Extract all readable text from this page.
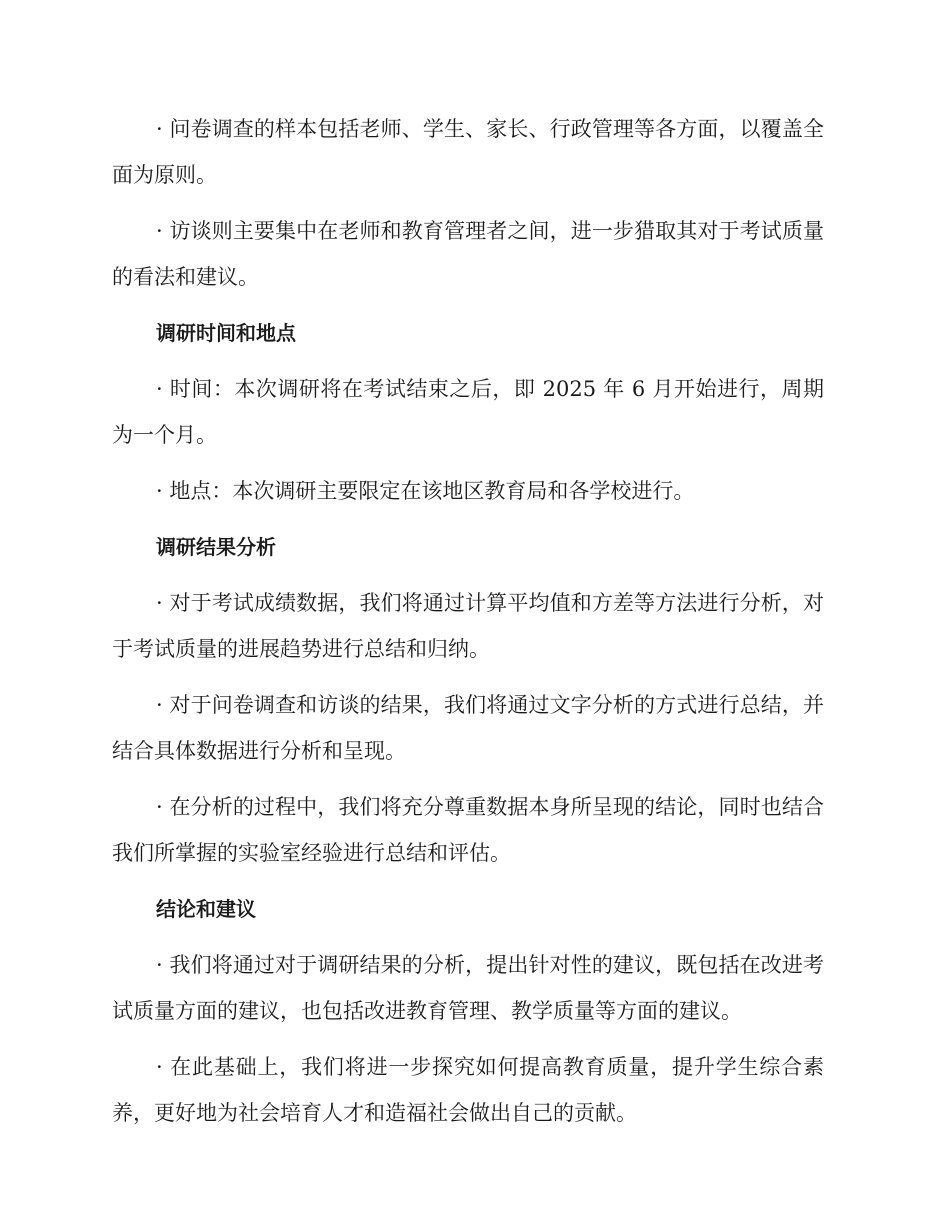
· 问卷调查的样本包括老师、学生、家长、行政管理等各方面，以覆盖全面为原则。

· 访谈则主要集中在老师和教育管理者之间，进一步猎取其对于考试质量的看法和建议。

调研时间和地点

· 时间：本次调研将在考试结束之后，即 2025 年 6 月开始进行，周期为一个月。

· 地点：本次调研主要限定在该地区教育局和各学校进行。

调研结果分析

· 对于考试成绩数据，我们将通过计算平均值和方差等方法进行分析，对于考试质量的进展趋势进行总结和归纳。

· 对于问卷调查和访谈的结果，我们将通过文字分析的方式进行总结，并结合具体数据进行分析和呈现。

· 在分析的过程中，我们将充分尊重数据本身所呈现的结论，同时也结合我们所掌握的实验室经验进行总结和评估。

结论和建议

· 我们将通过对于调研结果的分析，提出针对性的建议，既包括在改进考试质量方面的建议，也包括改进教育管理、教学质量等方面的建议。

· 在此基础上，我们将进一步探究如何提高教育质量，提升学生综合素养，更好地为社会培育人才和造福社会做出自己的贡献。
